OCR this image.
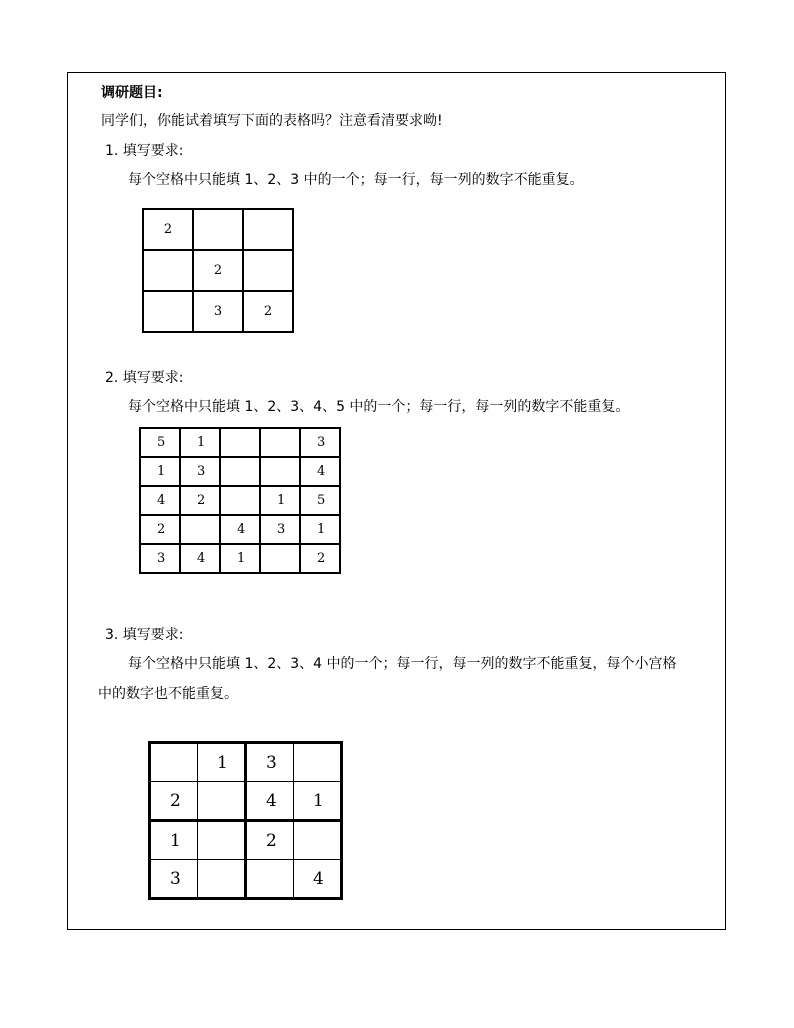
调研题目:
同学们，你能试着填写下面的表格吗？注意看清要求呦!
1. 填写要求:
每个空格中只能填 1、2、3 中的一个；每一行，每一列的数字不能重复。
2		
	2	
	3	2
2. 填写要求:
每个空格中只能填 1、2、3、4、5 中的一个；每一行，每一列的数字不能重复。
5	1			3
1	3			4
4	2		1	5
2		4	3	1
3	4	1		2
3. 填写要求:
每个空格中只能填 1、2、3、4 中的一个；每一行，每一列的数字不能重复，每个小宫格
中的数字也不能重复。
	1	3	
2		4	1
1		2	
3			4
